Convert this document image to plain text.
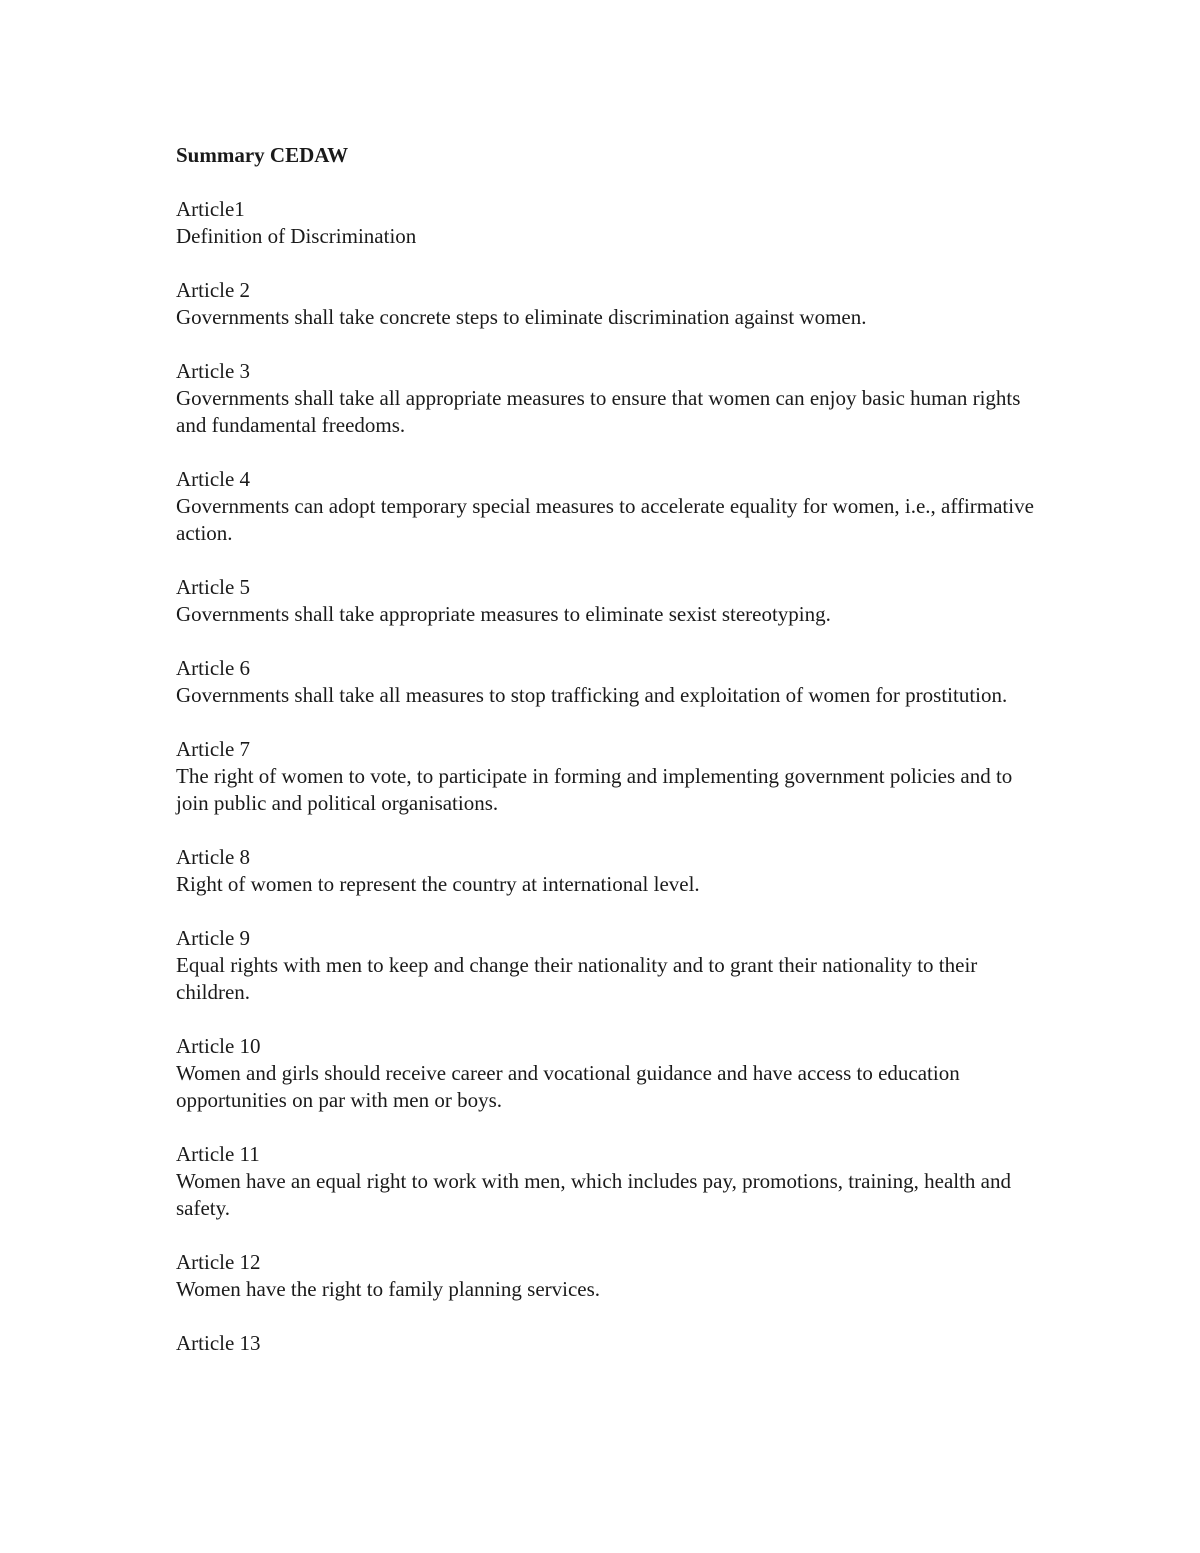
Summary CEDAW
Article1
Definition of Discrimination
Article 2
Governments shall take concrete steps to eliminate discrimination against women.
Article 3
Governments shall take all appropriate measures to ensure that women can enjoy basic human rights and fundamental freedoms.
Article 4
Governments can adopt temporary special measures to accelerate equality for women, i.e., affirmative action.
Article 5
Governments shall take appropriate measures to eliminate sexist stereotyping.
Article 6
Governments shall take all measures to stop trafficking and exploitation of women for prostitution.
Article 7
The right of women to vote, to participate in forming and implementing government policies and to join public and political organisations.
Article 8
Right of women to represent the country at international level.
Article 9
Equal rights with men to keep and change their nationality and to grant their nationality to their children.
Article 10
Women and girls should receive career and vocational guidance and have access to education opportunities on par with men or boys.
Article 11
Women have an equal right to work with men, which includes pay, promotions, training, health and safety.
Article 12
Women have the right to family planning services.
Article 13
